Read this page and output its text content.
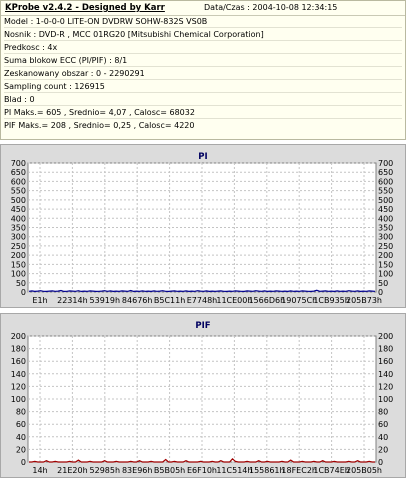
KProbe v2.4.2 - Designed by Karr	Data/Czas : 2004-10-08 12:34:15
Model : 1-0-0-0 LITE-ON DVDRW SOHW-832S VS0B
Nosnik : DVD-R , MCC 01RG20 [Mitsubishi Chemical Corporation]
Predkosc : 4x
Suma blokow ECC (PI/PIF) : 8/1
Zeskanowany obszar : 0 - 2290291
Sampling count : 126915
Blad : 0
PI Maks.= 605 , Srednio= 4,07 , Calosc= 68032
PIF Maks.= 208 , Srednio= 0,25 , Calosc= 4220
PI
0	0
50	50
100	100
150	150
200	200
250	250
300	300
350	350
400	400
450	450
500	500
550	550
600	600
650	650
700	700
E1h 22314h 53919h 84676h B5C11h E7748h 11CE00h
1566D6h
19075Ch
1CB935h
205B73h
PIF
0	0
20	20
40	40
60	60
80	80
100	100
120	120
140	140
160	160
180	180
200	200
14h 21E20h 52985h 83E96h B5B05h E6F10h 11C514h
155861h
18FEC2h
1CB74Eh
205B05h
